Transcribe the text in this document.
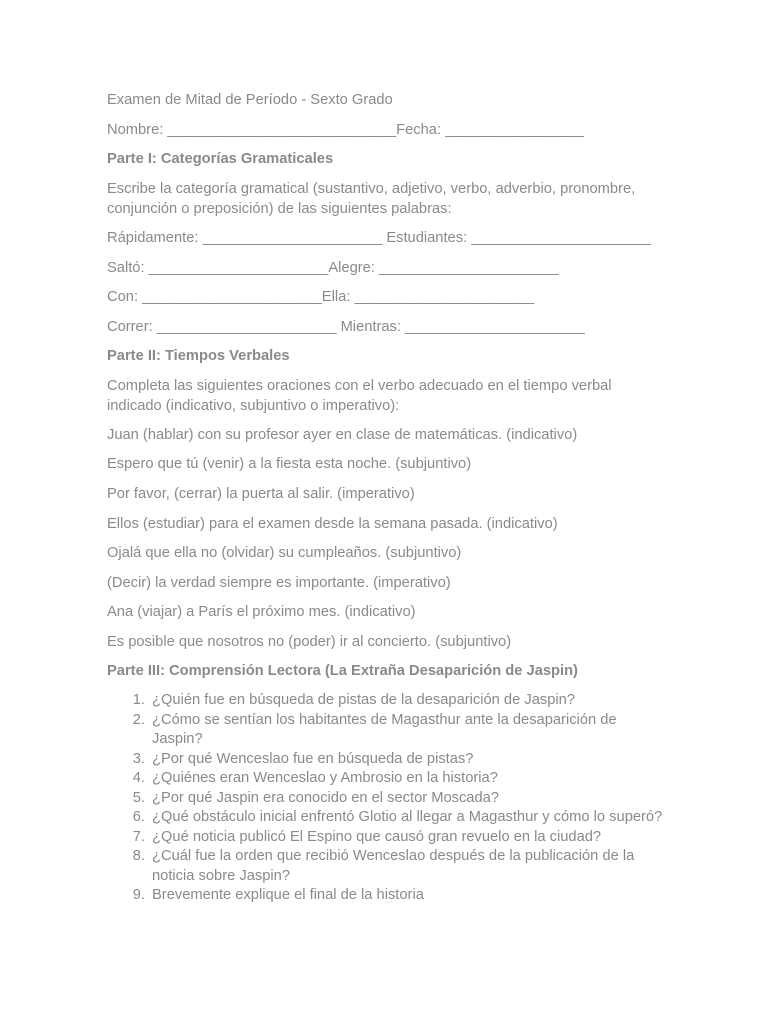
Examen de Mitad de Período - Sexto Grado

Nombre: ____________________________Fecha: _________________

Parte I: Categorías Gramaticales

Escribe la categoría gramatical (sustantivo, adjetivo, verbo, adverbio, pronombre, conjunción o preposición) de las siguientes palabras:

Rápidamente: ______________________ Estudiantes: ______________________

Saltó: ______________________Alegre: ______________________

Con: ______________________Ella: ______________________

Correr: ______________________ Mientras: ______________________

Parte II: Tiempos Verbales

Completa las siguientes oraciones con el verbo adecuado en el tiempo verbal indicado (indicativo, subjuntivo o imperativo):

Juan (hablar) con su profesor ayer en clase de matemáticas. (indicativo)

Espero que tú (venir) a la fiesta esta noche. (subjuntivo)

Por favor, (cerrar) la puerta al salir. (imperativo)

Ellos (estudiar) para el examen desde la semana pasada. (indicativo)

Ojalá que ella no (olvidar) su cumpleaños. (subjuntivo)

(Decir) la verdad siempre es importante. (imperativo)

Ana (viajar) a París el próximo mes. (indicativo)

Es posible que nosotros no (poder) ir al concierto. (subjuntivo)

Parte III: Comprensión Lectora (La Extraña Desaparición de Jaspin)

1. ¿Quién fue en búsqueda de pistas de la desaparición de Jaspin?
2. ¿Cómo se sentían los habitantes de Magasthur ante la desaparición de Jaspin?
3. ¿Por qué Wenceslao fue en búsqueda de pistas?
4. ¿Quiénes eran Wenceslao y Ambrosio en la historia?
5. ¿Por qué Jaspin era conocido en el sector Moscada?
6. ¿Qué obstáculo inicial enfrentó Glotio al llegar a Magasthur y cómo lo superó?
7. ¿Qué noticia publicó El Espino que causó gran revuelo en la ciudad?
8. ¿Cuál fue la orden que recibió Wenceslao después de la publicación de la noticia sobre Jaspin?
9. Brevemente explique el final de la historia
